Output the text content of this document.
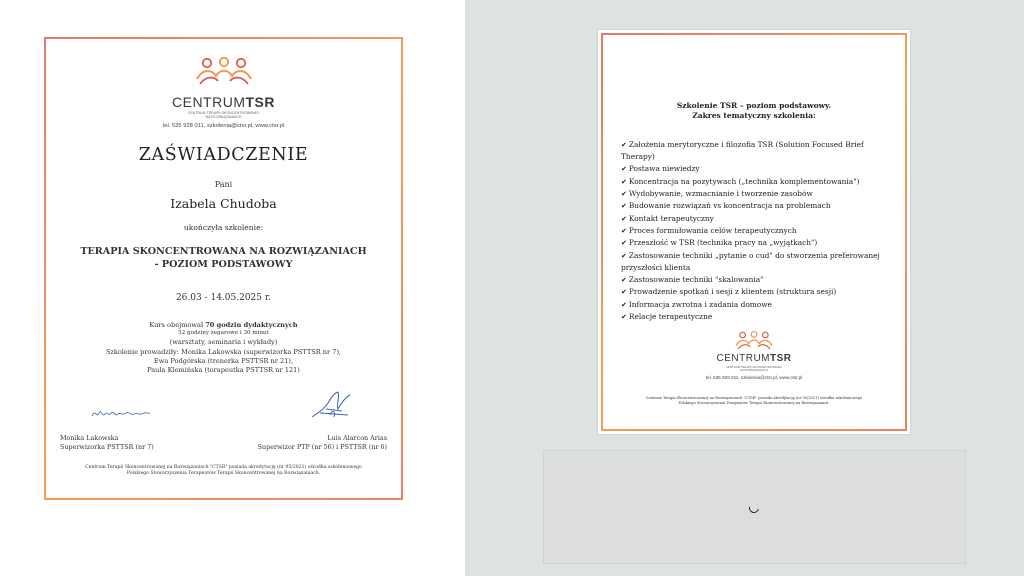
CENTRUMTSR
CENTRUM TERAPII SKONCENTROWANEJ
NA ROZWIĄZANIACH
tel. 535 928 011, szkolenia@ctsr.pl, www.ctsr.pl
ZAŚWIADCZENIE
Pani
Izabela Chudoba
ukończyła szkolenie:
TERAPIA SKONCENTROWANA NA ROZWIĄZANIACH
- POZIOM PODSTAWOWY
26.03 - 14.05.2025 r.
Kurs obejmował 70 godzin dydaktycznych
52 godziny zegarowe i 30 minut
(warsztaty, seminaria i wykłady)
Szkolenie prowadziły: Monika Lakowska (superwizorka PSTTSR nr 7),
Ewa Podgórska (trenerka PSTTSR nr 21),
Paula Klemińska (terapeutka PSTTSR nr 121)
Monika Lakowska
Superwizorka PSTTSR (nr 7)
Luis Alarcon Arias
Superwizor PTP (nr 56) i PSTTSR (nr 6)
Centrum Terapii Skoncentrowanej na Rozwiązaniach "CTSR" posiada akredytację (nr 95/2021) ośrodka szkoleniowego
Polskiego Stowarzyszenia Terapeutów Terapii Skoncentrowanej na Rozwiązaniach.
Szkolenie TSR – poziom podstawowy.
Zakres tematyczny szkolenia:
✔ Założenia merytoryczne i filozofia TSR (Solution Focused Brief Therapy)
✔ Postawa niewiedzy
✔ Koncentracja na pozytywach („technika komplementowania")
✔ Wydobywanie, wzmacnianie i tworzenie zasobów
✔ Budowanie rozwiązań vs koncentracja na problemach
✔ Kontakt terapeutyczny
✔ Proces formułowania celów terapeutycznych
✔ Przeszłość w TSR (technika pracy na „wyjątkach")
✔ Zastosowanie techniki „pytanie o cud" do stworzenia preferowanej przyszłości klienta
✔ Zastosowanie techniki "skalowania"
✔ Prowadzenie spotkań i sesji z klientem (struktura sesji)
✔ Informacja zwrotna i zadania domowe
✔ Relacje terapeutyczne
CENTRUMTSR
CENTRUM TERAPII SKONCENTROWANEJ
NA ROZWIĄZANIACH
tel. 535 928 011, szkolenia@ctsr.pl, www.ctsr.pl
Centrum Terapii Skoncentrowanej na Rozwiązaniach "CTSR" posiada akredytację (nr 95/2021) ośrodka szkoleniowego
Polskiego Stowarzyszenia Terapeutów Terapii Skoncentrowanej na Rozwiązaniach.
